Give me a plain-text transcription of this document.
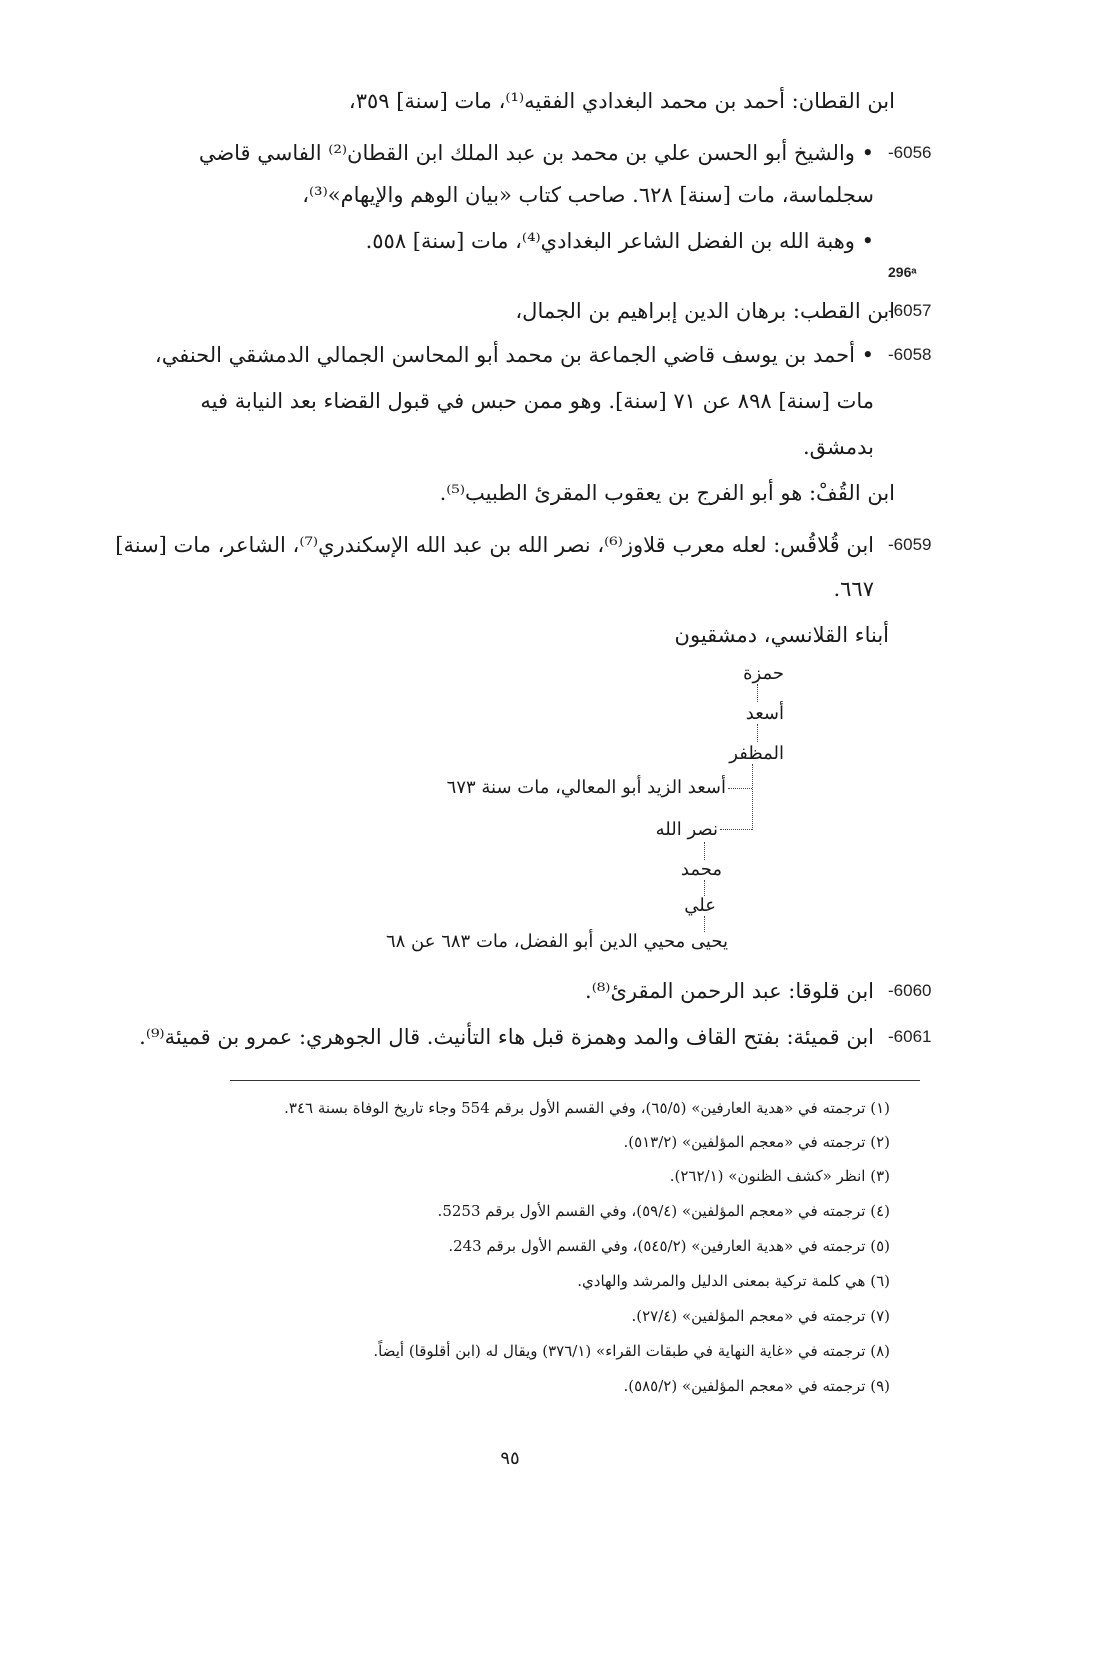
ابن القطان: أحمد بن محمد البغدادي الفقيه⁽¹⁾، مات [سنة] ٣٥٩،
-6056
• والشيخ أبو الحسن علي بن محمد بن عبد الملك ابن القطان⁽²⁾ الفاسي قاضي
سجلماسة، مات [سنة] ٦٢٨. صاحب كتاب «بيان الوهم والإيهام»⁽³⁾،
• وهبة الله بن الفضل الشاعر البغدادي⁽⁴⁾، مات [سنة] ٥٥٨.
296ᵃ
-6057
ابن القطب: برهان الدين إبراهيم بن الجمال،
-6058
• أحمد بن يوسف قاضي الجماعة بن محمد أبو المحاسن الجمالي الدمشقي الحنفي،
مات [سنة] ٨٩٨ عن ٧١ [سنة]. وهو ممن حبس في قبول القضاء بعد النيابة فيه
بدمشق.
ابن القُفْ: هو أبو الفرج بن يعقوب المقرئ الطبيب⁽⁵⁾.
-6059
ابن قُلاقُس: لعله معرب قلاوز⁽⁶⁾، نصر الله بن عبد الله الإسكندري⁽⁷⁾، الشاعر، مات [سنة]
٦٦٧.
أبناء القلانسي، دمشقيون
حمزة
أسعد
المظفر
أسعد الزيد أبو المعالي، مات سنة ٦٧٣
نصر الله
محمد
علي
يحيى محيي الدين أبو الفضل، مات ٦٨٣ عن ٦٨
-6060
ابن قلوقا: عبد الرحمن المقرئ⁽⁸⁾.
-6061
ابن قميئة: بفتح القاف والمد وهمزة قبل هاء التأنيث. قال الجوهري: عمرو بن قميئة⁽⁹⁾.
(١) ترجمته في «هدية العارفين» (٦٥/٥)، وفي القسم الأول برقم 554 وجاء تاريخ الوفاة بسنة ٣٤٦.
(٢) ترجمته في «معجم المؤلفين» (٥١٣/٢).
(٣) انظر «كشف الظنون» (٢٦٢/١).
(٤) ترجمته في «معجم المؤلفين» (٥٩/٤)، وفي القسم الأول برقم 5253.
(٥) ترجمته في «هدية العارفين» (٥٤٥/٢)، وفي القسم الأول برقم 243.
(٦) هي كلمة تركية بمعنى الدليل والمرشد والهادي.
(٧) ترجمته في «معجم المؤلفين» (٢٧/٤).
(٨) ترجمته في «غاية النهاية في طبقات القراء» (٣٧٦/١) ويقال له (ابن أقلوقا) أيضاً.
(٩) ترجمته في «معجم المؤلفين» (٥٨٥/٢).
٩٥
